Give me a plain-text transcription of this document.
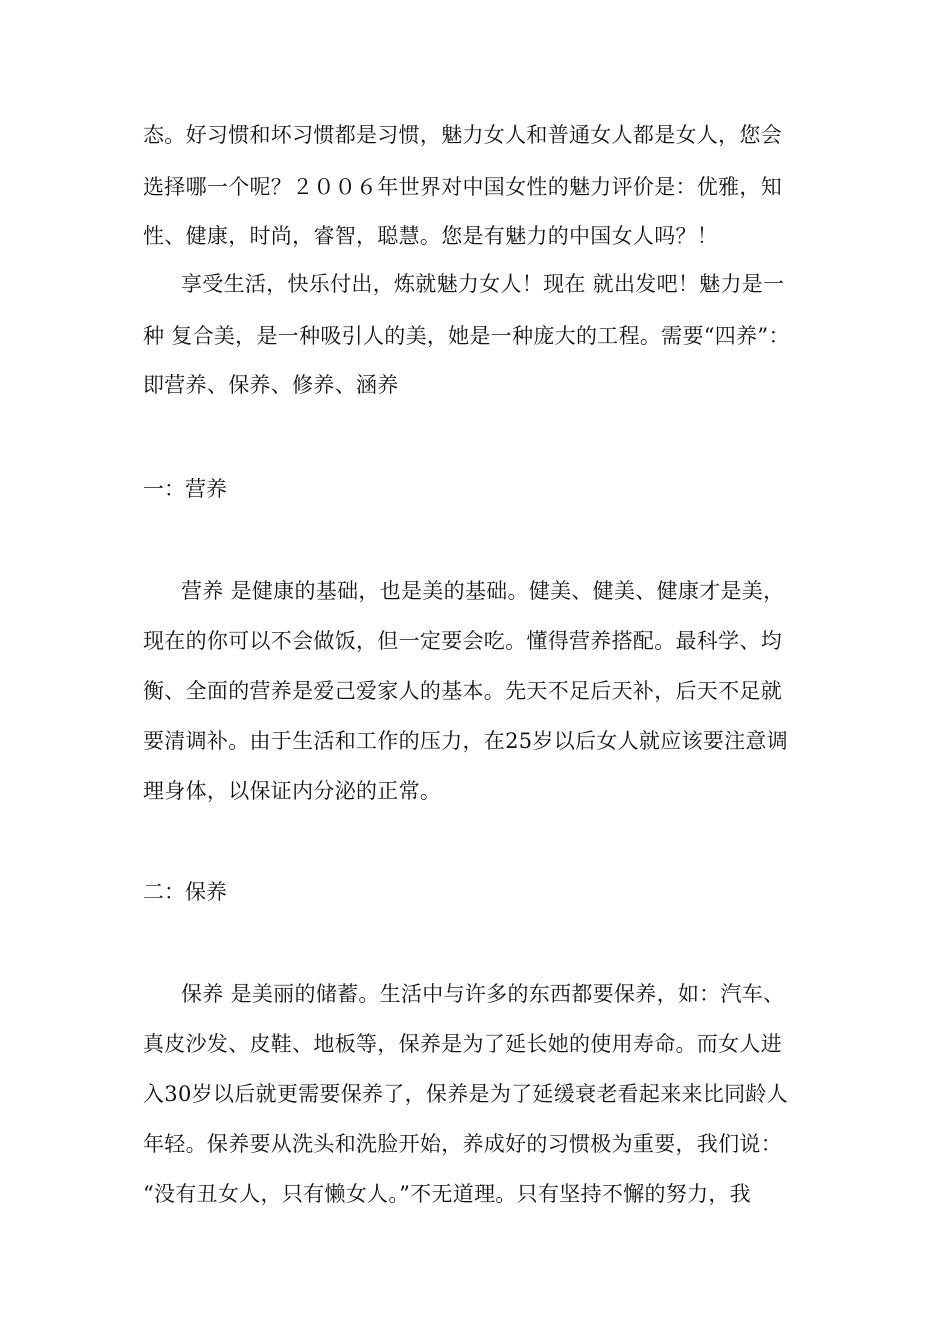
态。好习惯和坏习惯都是习惯，魅力女人和普通女人都是女人，您会
选择哪一个呢？２００６年世界对中国女性的魅力评价是：优雅，知
性、健康，时尚，睿智，聪慧。您是有魅力的中国女人吗？！
享受生活，快乐付出，炼就魅力女人！现在 就出发吧！魅力是一
种 复合美，是一种吸引人的美，她是一种庞大的工程。需要“四养”：
即营养、保养、修养、涵养
一：营养
营养 是健康的基础，也是美的基础。健美、健美、健康才是美，
现在的你可以不会做饭，但一定要会吃。懂得营养搭配。最科学、均
衡、全面的营养是爱己爱家人的基本。先天不足后天补，后天不足就
要清调补。由于生活和工作的压力，在25岁以后女人就应该要注意调
理身体，以保证内分泌的正常。
二：保养
保养 是美丽的储蓄。生活中与许多的东西都要保养，如：汽车、
真皮沙发、皮鞋、地板等，保养是为了延长她的使用寿命。而女人进
入30岁以后就更需要保养了，保养是为了延缓衰老看起来来比同龄人
年轻。保养要从洗头和洗脸开始，养成好的习惯极为重要，我们说：
“没有丑女人，只有懒女人。”不无道理。只有坚持不懈的努力，我
